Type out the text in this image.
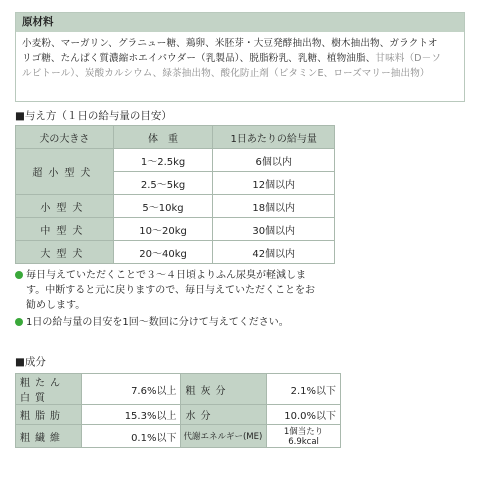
原材料
小麦粉、マーガリン、グラニュー糖、鶏卵、米胚芽・大豆発酵抽出物、樹木抽出物、ガラクトオ
リゴ糖、たんぱく質濃縮ホエイパウダー（乳製品）、脱脂粉乳、乳糖、植物油脂、甘味料（D－ソ
ルビトール）、炭酸カルシウム、緑茶抽出物、酸化防止剤（ビタミンE、ローズマリー抽出物）
■与え方（１日の給与量の目安）
犬の大きさ	体　重	1日あたりの給与量
超小型犬	1～2.5kg	6個以内
	2.5～5kg	12個以内
小型犬	5～10kg	18個以内
中型犬	10～20kg	30個以内
大型犬	20～40kg	42個以内
毎日与えていただくことで３～４日頃よりふん尿臭が軽減しま
す。中断すると元に戻りますので、毎日与えていただくことをお
勧めします。
1日の給与量の目安を1回～数回に分けて与えてください。
■成分
粗たん白質	7.6%以上	粗灰分	2.1%以下
粗脂肪	15.3%以上	水分	10.0%以下
粗繊維	0.1%以下	代謝エネルギー(ME)	1個当たり 6.9kcal
